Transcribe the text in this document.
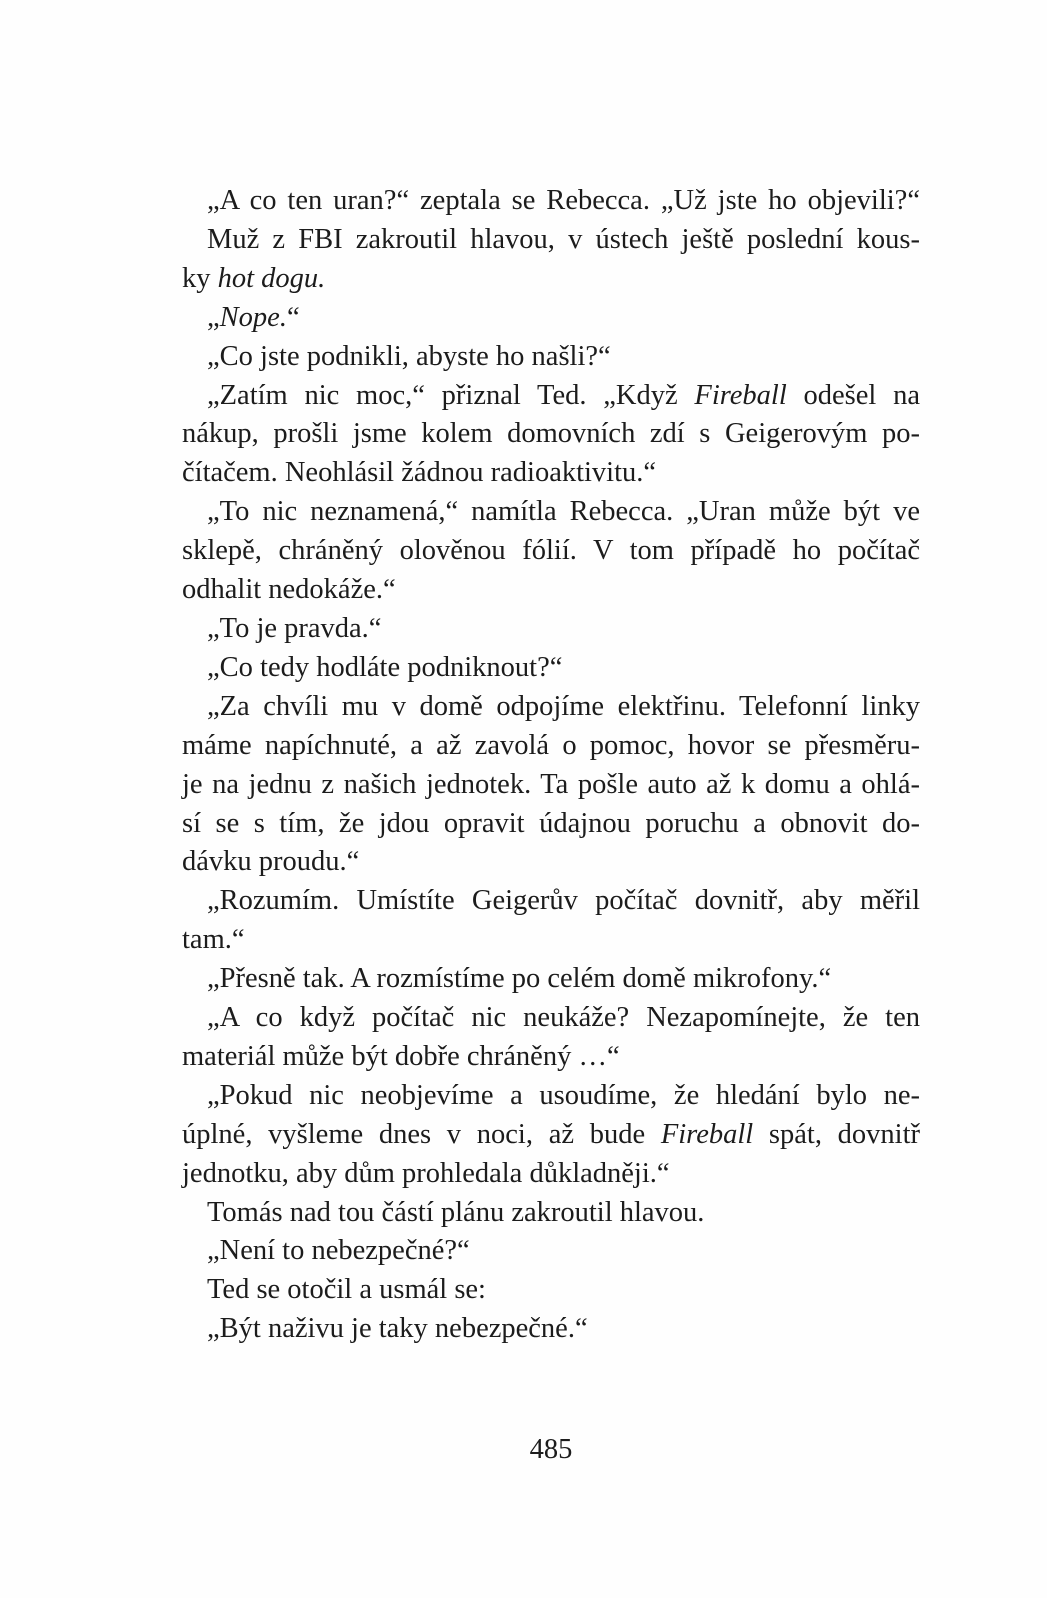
„A co ten uran?“ zeptala se Rebecca. „Už jste ho objevili?“
Muž z FBI zakroutil hlavou, v ústech ještě poslední kous-
ky hot dogu.
„Nope.“
„Co jste podnikli, abyste ho našli?“
„Zatím nic moc,“ přiznal Ted. „Když Fireball odešel na
nákup, prošli jsme kolem domovních zdí s Geigerovým po-
čítačem. Neohlásil žádnou radioaktivitu.“
„To nic neznamená,“ namítla Rebecca. „Uran může být ve
sklepě, chráněný olověnou fólií. V tom případě ho počítač
odhalit nedokáže.“
„To je pravda.“
„Co tedy hodláte podniknout?“
„Za chvíli mu v domě odpojíme elektřinu. Telefonní linky
máme napíchnuté, a až zavolá o pomoc, hovor se přesměru-
je na jednu z našich jednotek. Ta pošle auto až k domu a ohlá-
sí se s tím, že jdou opravit údajnou poruchu a obnovit do-
dávku proudu.“
„Rozumím. Umístíte Geigerův počítač dovnitř, aby měřil
tam.“
„Přesně tak. A rozmístíme po celém domě mikrofony.“
„A co když počítač nic neukáže? Nezapomínejte, že ten
materiál může být dobře chráněný …“
„Pokud nic neobjevíme a usoudíme, že hledání bylo ne-
úplné, vyšleme dnes v noci, až bude Fireball spát, dovnitř
jednotku, aby dům prohledala důkladněji.“
Tomás nad tou částí plánu zakroutil hlavou.
„Není to nebezpečné?“
Ted se otočil a usmál se:
„Být naživu je taky nebezpečné.“
485
